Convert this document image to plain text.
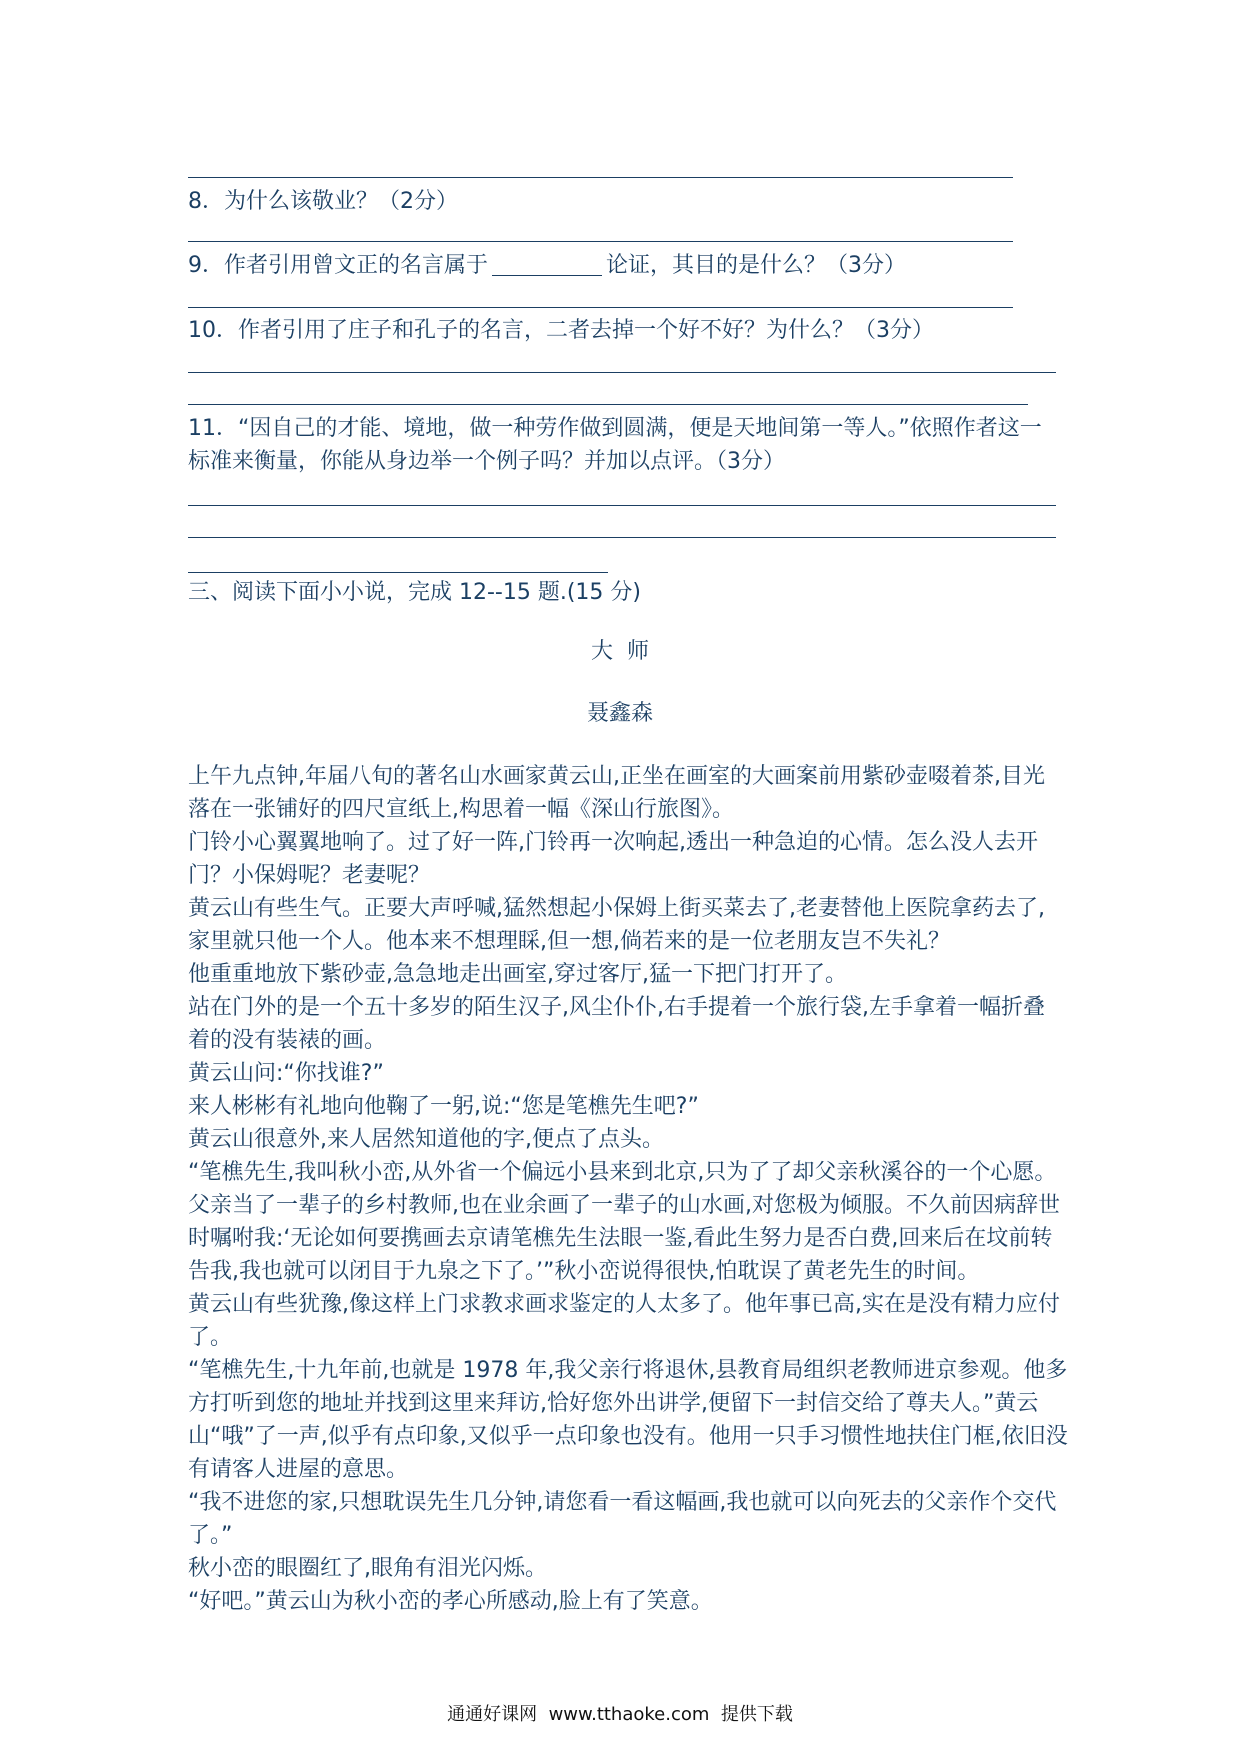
8．为什么该敬业？（2分）
9．作者引用曾文正的名言属于	论证，其目的是什么？（3分）
10．作者引用了庄子和孔子的名言，二者去掉一个好不好？为什么？（3分）
11．“因自己的才能、境地，做一种劳作做到圆满，便是天地间第一等人。”依照作者这一
标准来衡量，你能从身边举一个例子吗？并加以点评。（3分）
三、阅读下面小小说，完成 12--15 题.(15 分)
大  师
聂鑫森

上午九点钟,年届八旬的著名山水画家黄云山,正坐在画室的大画案前用紫砂壶啜着茶,目光

落在一张铺好的四尺宣纸上,构思着一幅《深山行旅图》。

门铃小心翼翼地响了。过了好一阵,门铃再一次响起,透出一种急迫的心情。怎么没人去开

门？小保姆呢？老妻呢？

黄云山有些生气。正要大声呼喊,猛然想起小保姆上街买菜去了,老妻替他上医院拿药去了,

家里就只他一个人。他本来不想理睬,但一想,倘若来的是一位老朋友岂不失礼？

他重重地放下紫砂壶,急急地走出画室,穿过客厅,猛一下把门打开了。

站在门外的是一个五十多岁的陌生汉子,风尘仆仆,右手提着一个旅行袋,左手拿着一幅折叠

着的没有装裱的画。

黄云山问:“你找谁?”

来人彬彬有礼地向他鞠了一躬,说:“您是笔樵先生吧?”

黄云山很意外,来人居然知道他的字,便点了点头。

“笔樵先生,我叫秋小峦,从外省一个偏远小县来到北京,只为了了却父亲秋溪谷的一个心愿。

父亲当了一辈子的乡村教师,也在业余画了一辈子的山水画,对您极为倾服。不久前因病辞世

时嘱咐我:‘无论如何要携画去京请笔樵先生法眼一鉴,看此生努力是否白费,回来后在坟前转

告我,我也就可以闭目于九泉之下了。’”秋小峦说得很快,怕耽误了黄老先生的时间。

黄云山有些犹豫,像这样上门求教求画求鉴定的人太多了。他年事已高,实在是没有精力应付

了。

“笔樵先生,十九年前,也就是 1978 年,我父亲行将退休,县教育局组织老教师进京参观。他多

方打听到您的地址并找到这里来拜访,恰好您外出讲学,便留下一封信交给了尊夫人。”黄云

山“哦”了一声,似乎有点印象,又似乎一点印象也没有。他用一只手习惯性地扶住门框,依旧没

有请客人进屋的意思。

“我不进您的家,只想耽误先生几分钟,请您看一看这幅画,我也就可以向死去的父亲作个交代

了。”

秋小峦的眼圈红了,眼角有泪光闪烁。

“好吧。”黄云山为秋小峦的孝心所感动,脸上有了笑意。

通通好课网  www.tthaoke.com  提供下载
